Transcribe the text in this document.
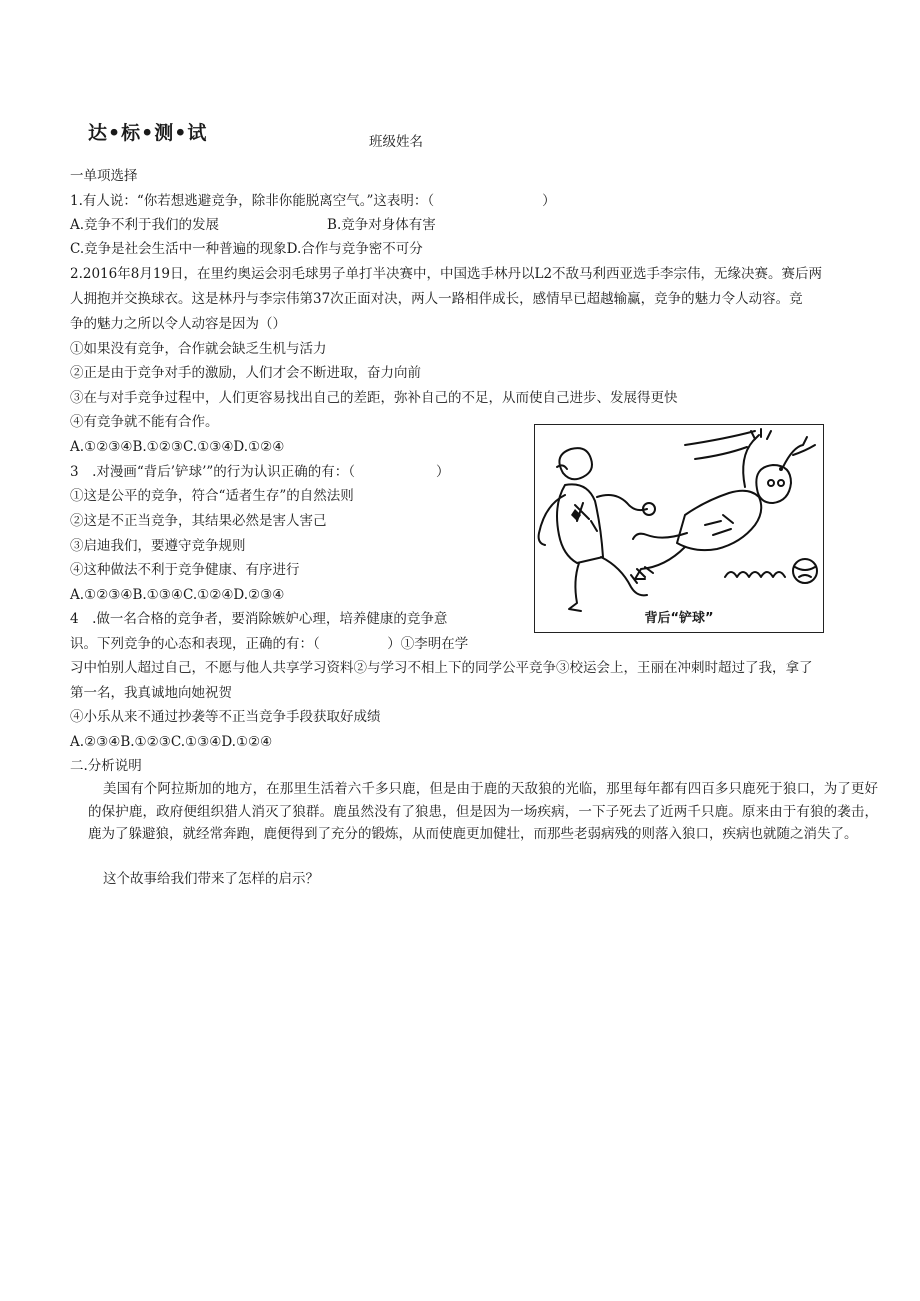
达•标•测•试	班级姓名
一单项选择
1.有人说：“你若想逃避竞争，除非你能脱离空气。”这表明：（　　　　　　　　）
A.竞争不利于我们的发展　　　　　　　　B.竞争对身体有害
C.竞争是社会生活中一种普遍的现象D.合作与竞争密不可分
2.2016年8月19日，在里约奥运会羽毛球男子单打半决赛中，中国选手林丹以L2不敌马利西亚选手李宗伟，无缘决赛。赛后两
人拥抱并交换球衣。这是林丹与李宗伟第37次正面对决，两人一路相伴成长，感情早已超越输赢，竞争的魅力令人动容。竞
争的魅力之所以令人动容是因为（）
①如果没有竞争，合作就会缺乏生机与活力
②正是由于竞争对手的激励，人们才会不断进取，奋力向前
③在与对手竞争过程中，人们更容易找出自己的差距，弥补自己的不足，从而使自己进步、发展得更快
④有竞争就不能有合作。
A.①②③④B.①②③C.①③④D.①②④
3　.对漫画“背后’铲球’”的行为认识正确的有：（　　　　　　）
①这是公平的竞争，符合“适者生存”的自然法则
②这是不正当竞争，其结果必然是害人害己
③启迪我们，要遵守竞争规则
④这种做法不利于竞争健康、有序进行
A.①②③④B.①③④C.①②④D.②③④
背后“铲球”
4　.做一名合格的竞争者，要消除嫉妒心理，培养健康的竞争意
识。下列竞争的心态和表现，正确的有：（　　　　　）①李明在学
习中怕别人超过自己，不愿与他人共享学习资料②与学习不相上下的同学公平竞争③校运会上，王丽在冲刺时超过了我，拿了
第一名，我真诚地向她祝贺
④小乐从来不通过抄袭等不正当竞争手段获取好成绩
A.②③④B.①②③C.①③④D.①②④
二.分析说明
美国有个阿拉斯加的地方，在那里生活着六千多只鹿，但是由于鹿的天敌狼的光临，那里每年都有四百多只鹿死于狼口，为了更好的保护鹿，政府便组织猎人消灭了狼群。鹿虽然没有了狼患，但是因为一场疾病，一下子死去了近两千只鹿。原来由于有狼的袭击，鹿为了躲避狼，就经常奔跑，鹿便得到了充分的锻炼，从而使鹿更加健壮，而那些老弱病残的则落入狼口，疾病也就随之消失了。
这个故事给我们带来了怎样的启示？
